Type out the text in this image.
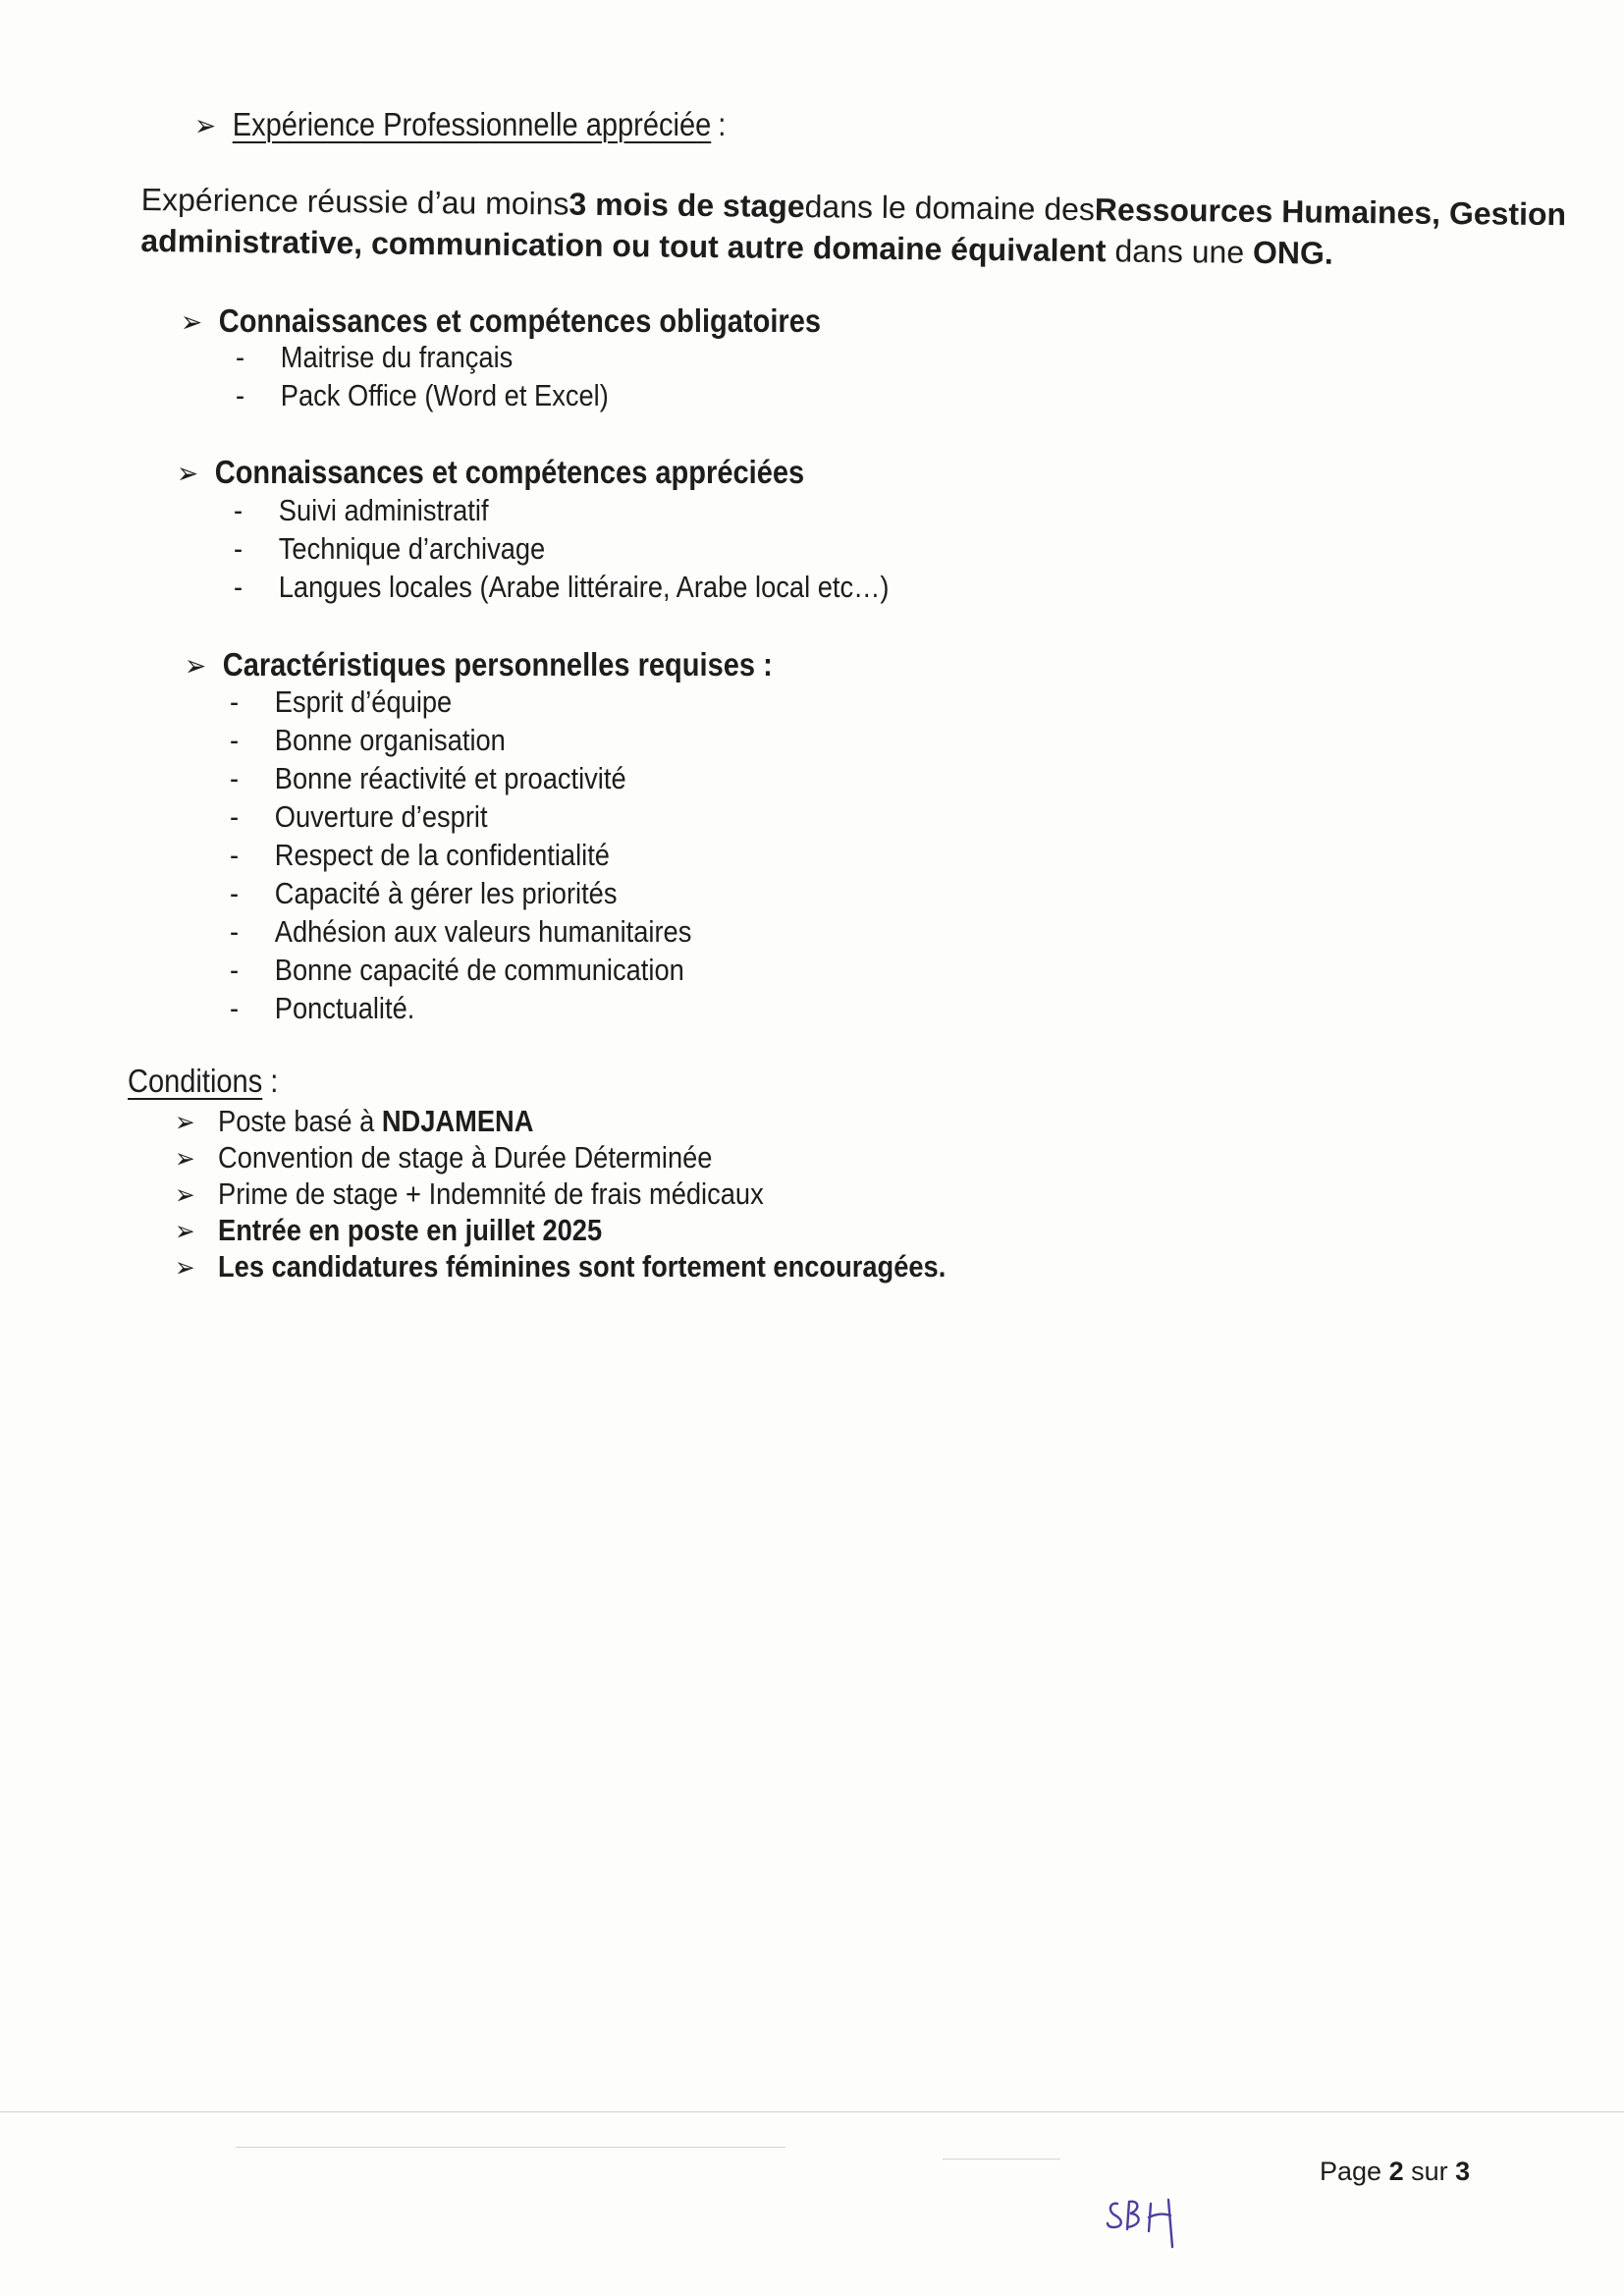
➢ Expérience Professionnelle appréciée :
Expérience réussie d’au moins 3 mois de stage dans le domaine des Ressources Humaines, Gestion
administrative, communication ou tout autre domaine équivalent dans une ONG.
➢ Connaissances et compétences obligatoires
-	Maitrise du français
-	Pack Office (Word et Excel)
➢ Connaissances et compétences appréciées
-	Suivi administratif
-	Technique d’archivage
-	Langues locales (Arabe littéraire, Arabe local etc…)
➢ Caractéristiques personnelles requises :
-	Esprit d’équipe
-	Bonne organisation
-	Bonne réactivité et proactivité
-	Ouverture d’esprit
-	Respect de la confidentialité
-	Capacité à gérer les priorités
-	Adhésion aux valeurs humanitaires
-	Bonne capacité de communication
-	Ponctualité.
Conditions :
➢ Poste basé à
NDJAMENA
➢ Convention de stage à Durée Déterminée
➢ Prime de stage + Indemnité de frais médicaux
➢ Entrée en poste en juillet 2025
➢ Les candidatures féminines sont fortement encouragées.
Page 2 sur 3
